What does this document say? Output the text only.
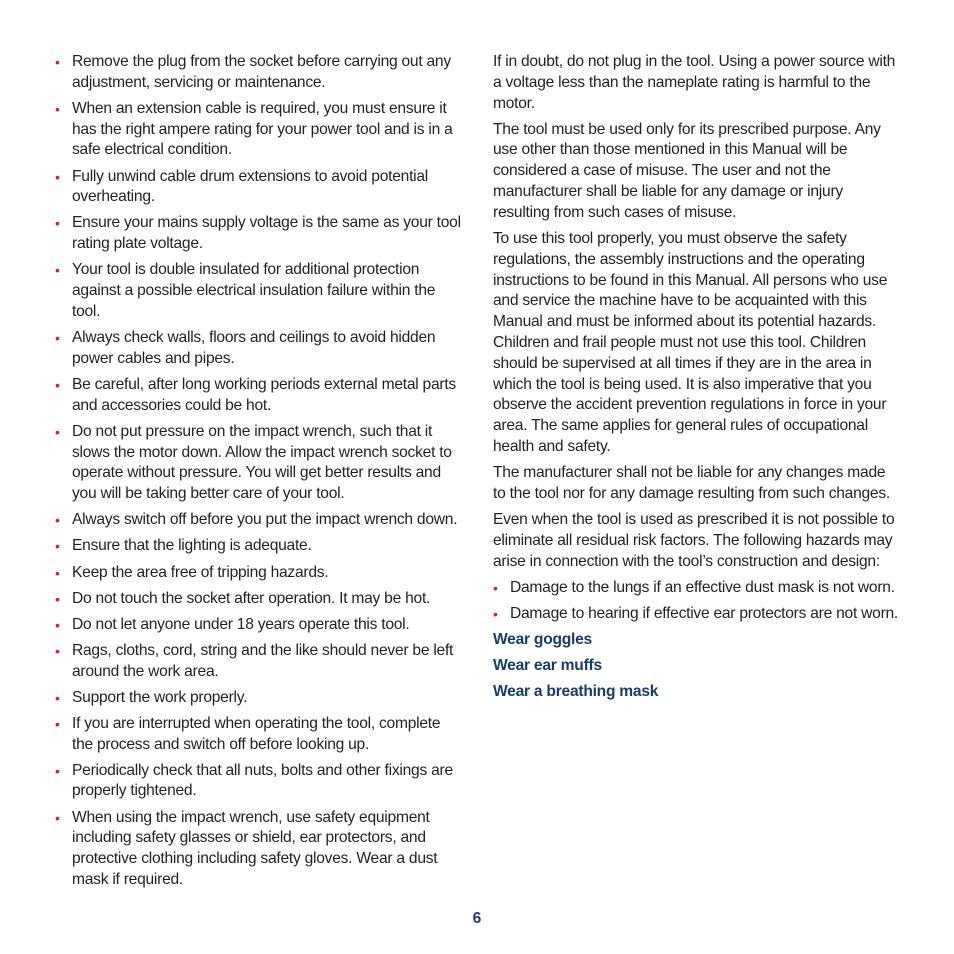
• Remove the plug from the socket before carrying out any adjustment, servicing or maintenance.
• When an extension cable is required, you must ensure it has the right ampere rating for your power tool and is in a safe electrical condition.
• Fully unwind cable drum extensions to avoid potential overheating.
• Ensure your mains supply voltage is the same as your tool rating plate voltage.
• Your tool is double insulated for additional protection against a possible electrical insulation failure within the tool.
• Always check walls, floors and ceilings to avoid hidden power cables and pipes.
• Be careful, after long working periods external metal parts and accessories could be hot.
• Do not put pressure on the impact wrench, such that it slows the motor down. Allow the impact wrench socket to operate without pressure. You will get better results and you will be taking better care of your tool.
• Always switch off before you put the impact wrench down.
• Ensure that the lighting is adequate.
• Keep the area free of tripping hazards.
• Do not touch the socket after operation. It may be hot.
• Do not let anyone under 18 years operate this tool.
• Rags, cloths, cord, string and the like should never be left around the work area.
• Support the work properly.
• If you are interrupted when operating the tool, complete the process and switch off before looking up.
• Periodically check that all nuts, bolts and other fixings are properly tightened.
• When using the impact wrench, use safety equipment including safety glasses or shield, ear protectors, and protective clothing including safety gloves. Wear a dust mask if required.

If in doubt, do not plug in the tool. Using a power source with a voltage less than the nameplate rating is harmful to the motor.

The tool must be used only for its prescribed purpose. Any use other than those mentioned in this Manual will be considered a case of misuse. The user and not the manufacturer shall be liable for any damage or injury resulting from such cases of misuse.

To use this tool properly, you must observe the safety regulations, the assembly instructions and the operating instructions to be found in this Manual. All persons who use and service the machine have to be acquainted with this Manual and must be informed about its potential hazards. Children and frail people must not use this tool. Children should be supervised at all times if they are in the area in which the tool is being used. It is also imperative that you observe the accident prevention regulations in force in your area. The same applies for general rules of occupational health and safety.

The manufacturer shall not be liable for any changes made to the tool nor for any damage resulting from such changes.

Even when the tool is used as prescribed it is not possible to eliminate all residual risk factors. The following hazards may arise in connection with the tool’s construction and design:

• Damage to the lungs if an effective dust mask is not worn.
• Damage to hearing if effective ear protectors are not worn.
Wear goggles
Wear ear muffs
Wear a breathing mask
6
